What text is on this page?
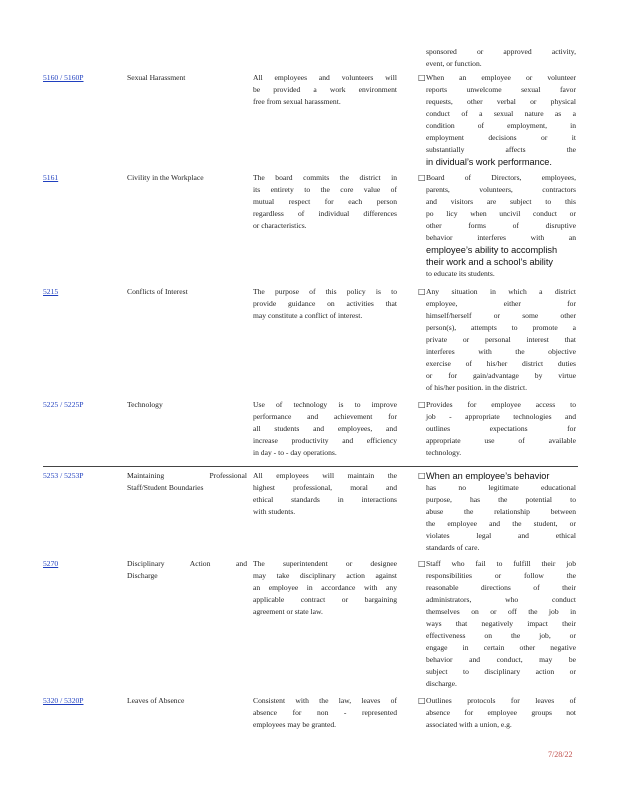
sponsored or approved activity,
event, or function.
5160 / 5160P	Sexual Harassment	All employees and volunteers will
be provided a work environment
free from sexual harassment.
□ When an employee or volunteer
reports unwelcome sexual favor
requests, other verbal or physical
conduct of a sexual nature as a
condition of employment, in
employment decisions or it
substantially affects the
in dividual’s work performance.
5161	Civility in the Workplace	The board commits the district in
its entirety to the core value of
mutual respect for each person
regardless of individual differences
or characteristics.
□ Board of Directors, employees,
parents, volunteers, contractors
and visitors are subject to this
po licy when uncivil conduct or
other forms of disruptive
behavior interferes with an
employee’s ability to accomplish
their work and a school’s ability
to educate its students.
5215	Conflicts of Interest	The purpose of this policy is to
provide guidance on activities that
may constitute a conflict of interest.
□ Any situation in which a district
employee, either for
himself/herself or some other
person(s), attempts to promote a
private or personal interest that
interferes with the objective
exercise of his/her district duties
or for gain/advantage by virtue
of his/her position. in the district.
5225 / 5225P	Technology	Use of technology is to improve
performance and achievement for
all students and employees, and
increase productivity and efficiency
in day - to - day operations.
□ Provides for employee access to
job - appropriate technologies and
outlines expectations for
appropriate use of available
technology.
5253 / 5253P	Maintaining Professional
Staff/Student Boundaries
All employees will maintain the
highest professional, moral and
ethical standards in interactions
with students.
□ When an employee’s behavior
has no legitimate educational
purpose, has the potential to
abuse the relationship between
the employee and the student, or
violates legal and ethical
standards of care.
5270	Disciplinary Action and
Discharge
The superintendent or designee
may take disciplinary action against
an employee in accordance with any
applicable contract or bargaining
agreement or state law.
□ Staff who fail to fulfill their job
responsibilities or follow the
reasonable directions of their
administrators, who conduct
themselves on or off the job in
ways that negatively impact their
effectiveness on the job, or
engage in certain other negative
behavior and conduct, may be
subject to disciplinary action or
discharge.
5320 / 5320P	Leaves of Absence	Consistent with the law, leaves of
absence for non - represented
employees may be granted.
□ Outlines protocols for leaves of
absence for employee groups not
associated with a union, e.g.
7/28/22
